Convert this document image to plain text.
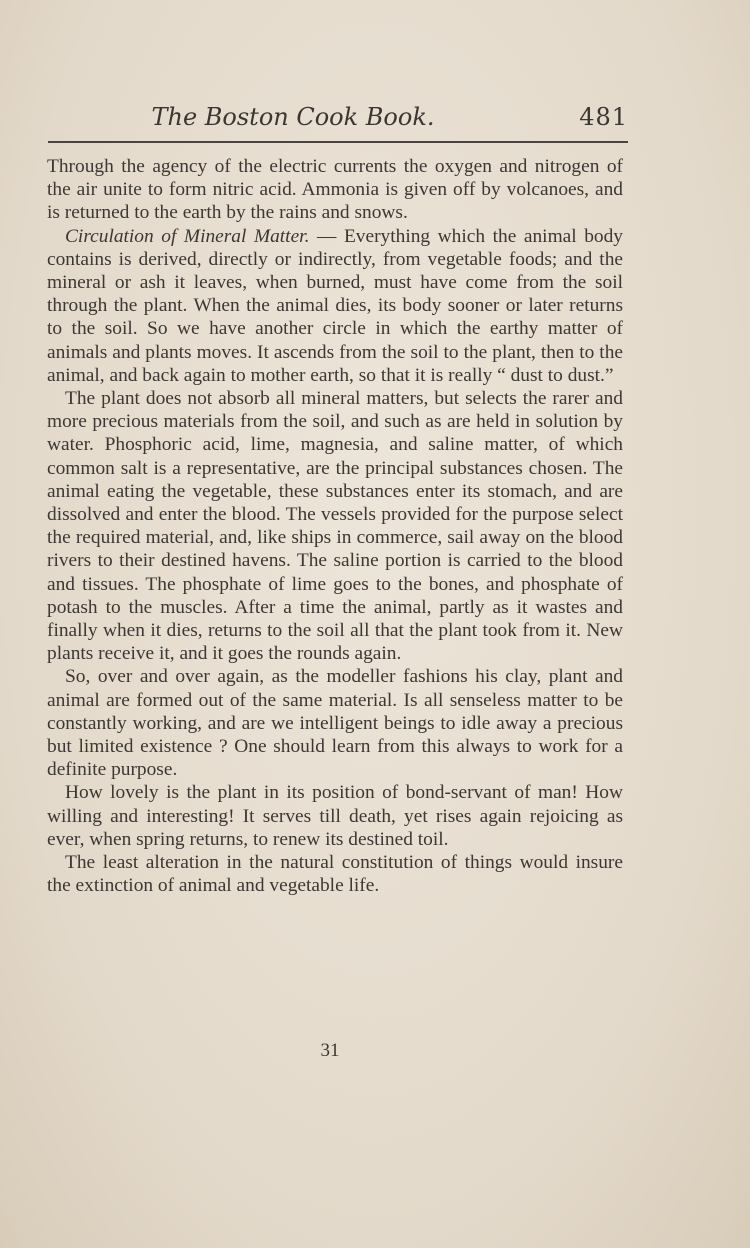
The Boston Cook Book.	481

Through the agency of the electric currents the oxygen and nitrogen of the air unite to form nitric acid. Ammonia is given off by volcanoes, and is returned to the earth by the rains and snows.

Circulation of Mineral Matter. — Everything which the animal body contains is derived, directly or indirectly, from vegetable foods; and the mineral or ash it leaves, when burned, must have come from the soil through the plant. When the animal dies, its body sooner or later returns to the soil. So we have another circle in which the earthy matter of animals and plants moves. It ascends from the soil to the plant, then to the animal, and back again to mother earth, so that it is really “ dust to dust.”

The plant does not absorb all mineral matters, but selects the rarer and more precious materials from the soil, and such as are held in solution by water. Phosphoric acid, lime, magnesia, and saline matter, of which common salt is a representative, are the principal substances chosen. The animal eating the vegetable, these substances enter its stomach, and are dissolved and enter the blood. The vessels provided for the purpose select the required material, and, like ships in commerce, sail away on the blood rivers to their destined havens. The saline portion is carried to the blood and tissues. The phosphate of lime goes to the bones, and phosphate of potash to the muscles. After a time the animal, partly as it wastes and finally when it dies, returns to the soil all that the plant took from it. New plants receive it, and it goes the rounds again.

So, over and over again, as the modeller fashions his clay, plant and animal are formed out of the same material. Is all senseless matter to be constantly working, and are we intelligent beings to idle away a precious but limited existence ? One should learn from this always to work for a definite purpose.

How lovely is the plant in its position of bond-servant of man! How willing and interesting! It serves till death, yet rises again rejoicing as ever, when spring returns, to renew its destined toil.

The least alteration in the natural constitution of things would insure the extinction of animal and vegetable life.

31
